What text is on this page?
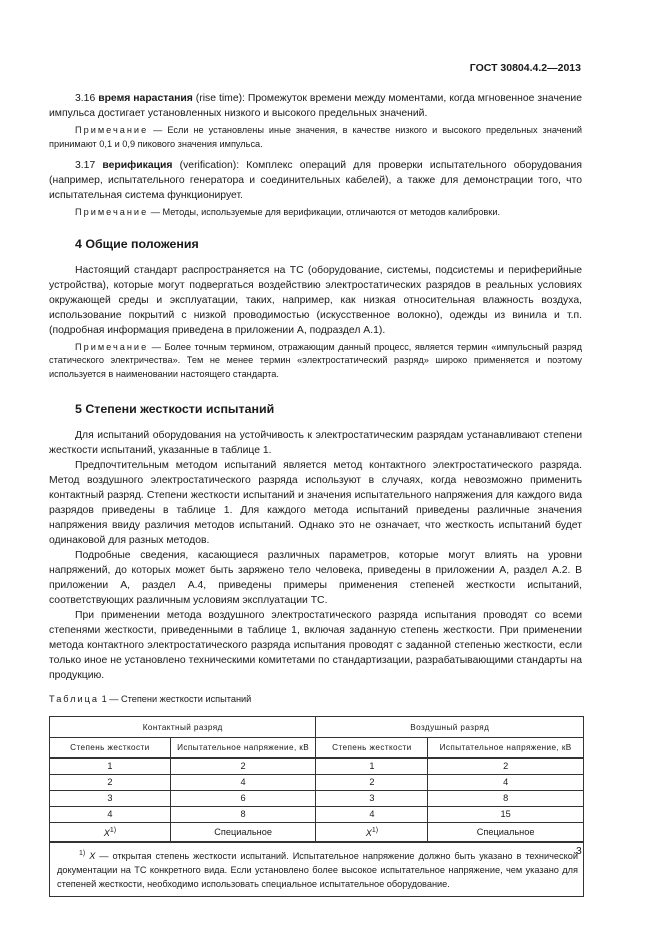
ГОСТ 30804.4.2—2013

3.16 время нарастания (rise time): Промежуток времени между моментами, когда мгновенное значение импульса достигает установленных низкого и высокого предельных значений.

Примечание — Если не установлены иные значения, в качестве низкого и высокого предельных значений принимают 0,1 и 0,9 пикового значения импульса.

3.17 верификация (verification): Комплекс операций для проверки испытательного оборудования (например, испытательного генератора и соединительных кабелей), а также для демонстрации того, что испытательная система функционирует.

Примечание — Методы, используемые для верификации, отличаются от методов калибровки.

4 Общие положения

Настоящий стандарт распространяется на ТС (оборудование, системы, подсистемы и периферийные устройства), которые могут подвергаться воздействию электростатических разрядов в реальных условиях окружающей среды и эксплуатации, таких, например, как низкая относительная влажность воздуха, использование покрытий с низкой проводимостью (искусственное волокно), одежды из винила и т.п. (подробная информация приведена в приложении А, подраздел А.1).

Примечание — Более точным термином, отражающим данный процесс, является термин «импульсный разряд статического электричества». Тем не менее термин «электростатический разряд» широко применяется и поэтому используется в наименовании настоящего стандарта.

5 Степени жесткости испытаний

Для испытаний оборудования на устойчивость к электростатическим разрядам устанавливают степени жесткости испытаний, указанные в таблице 1.

Предпочтительным методом испытаний является метод контактного электростатического разряда. Метод воздушного электростатического разряда используют в случаях, когда невозможно применить контактный разряд. Степени жесткости испытаний и значения испытательного напряжения для каждого вида разрядов приведены в таблице 1. Для каждого метода испытаний приведены различные значения напряжения ввиду различия методов испытаний. Однако это не означает, что жесткость испытаний будет одинаковой для разных методов.

Подробные сведения, касающиеся различных параметров, которые могут влиять на уровни напряжений, до которых может быть заряжено тело человека, приведены в приложении А, раздел А.2. В приложении А, раздел А.4, приведены примеры применения степеней жесткости испытаний, соответствующих различным условиям эксплуатации ТС.

При применении метода воздушного электростатического разряда испытания проводят со всеми степенями жесткости, приведенными в таблице 1, включая заданную степень жесткости. При применении метода контактного электростатического разряда испытания проводят с заданной степенью жесткости, если только иное не установлено техническими комитетами по стандартизации, разрабатывающими стандарты на продукцию.

Таблица 1 — Степени жесткости испытаний
Контактный разряд		Воздушный разряд	
Степень жесткости	Испытательное напряжение, кВ	Степень жесткости	Испытательное напряжение, кВ
1	2	1	2
2	4	2	4
3	6	3	8
4	8	4	15
$X^{1)}$	Специальное	$X^{1)}$	Специальное

$^{1)}$ X — открытая степень жесткости испытаний. Испытательное напряжение должно быть указано в технической документации на ТС конкретного вида. Если установлено более высокое испытательное напряжение, чем указано для степеней жесткости, необходимо использовать специальное испытательное оборудование.			
3
